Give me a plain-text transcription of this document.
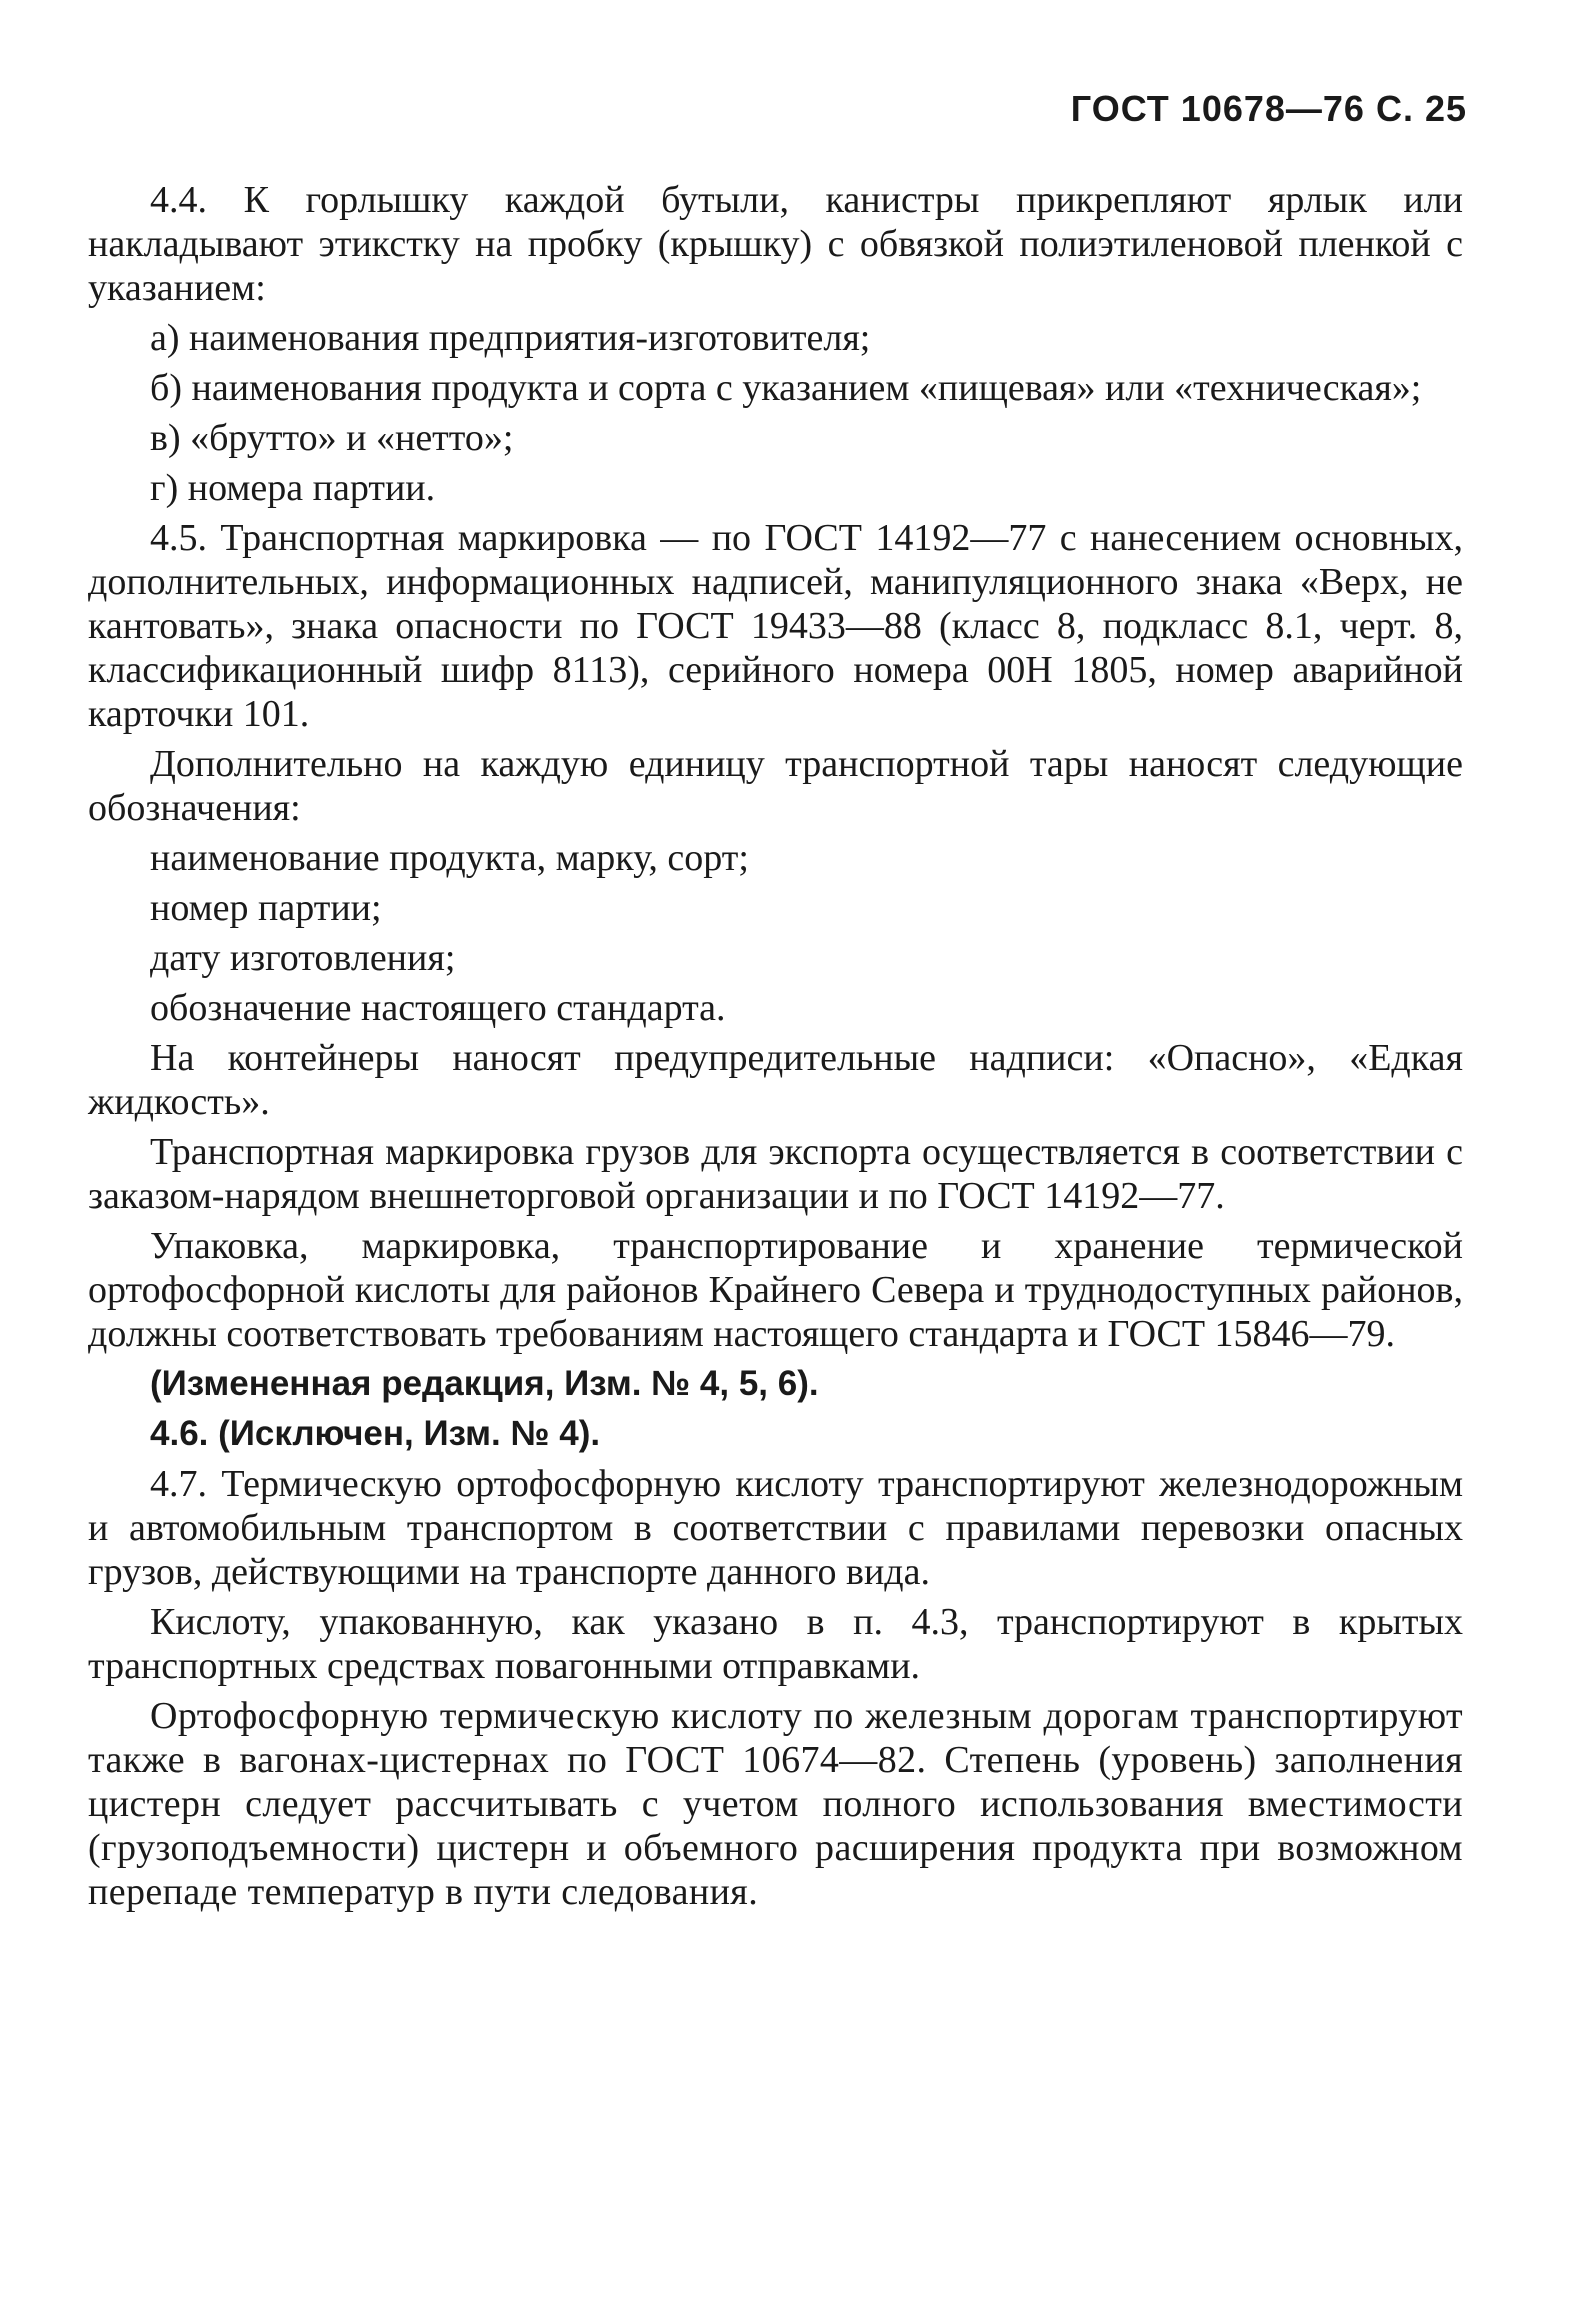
ГОСТ 10678—76 С. 25

4.4. К горлышку каждой бутыли, канистры прикрепляют ярлык или накладывают этикстку на пробку (крышку) с обвязкой полиэтиленовой пленкой с указанием:

а) наименования предприятия-изготовителя;

б) наименования продукта и сорта с указанием «пищевая» или «техническая»;

в) «брутто» и «нетто»;

г) номера партии.

4.5. Транспортная маркировка — по ГОСТ 14192—77 с нанесением основных, дополнительных, информационных надписей, манипуляционного знака «Верх, не кантовать», знака опасности по ГОСТ 19433—88 (класс 8, подкласс 8.1, черт. 8, классификационный шифр 8113), серийного номера 00Н 1805, номер аварийной карточки 101.

Дополнительно на каждую единицу транспортной тары наносят следующие обозначения:

наименование продукта, марку, сорт;

номер партии;

дату изготовления;

обозначение настоящего стандарта.

На контейнеры наносят предупредительные надписи: «Опасно», «Едкая жидкость».

Транспортная маркировка грузов для экспорта осуществляется в соответствии с заказом-нарядом внешнеторговой организации и по ГОСТ 14192—77.

Упаковка, маркировка, транспортирование и хранение термической ортофосфорной кислоты для районов Крайнего Севера и труднодоступных районов, должны соответствовать требованиям настоящего стандарта и ГОСТ 15846—79.

(Измененная редакция, Изм. № 4, 5, 6).

4.6. (Исключен, Изм. № 4).

4.7. Термическую ортофосфорную кислоту транспортируют железнодорожным и автомобильным транспортом в соответствии с правилами перевозки опасных грузов, действующими на транспорте данного вида.

Кислоту, упакованную, как указано в п. 4.3, транспортируют в крытых транспортных средствах повагонными отправками.

Ортофосфорную термическую кислоту по железным дорогам транспортируют также в вагонах-цистернах по ГОСТ 10674—82. Степень (уровень) заполнения цистерн следует рассчитывать с учетом полного использования вместимости (грузоподъемности) цистерн и объемного расширения продукта при возможном перепаде температур в пути следования.
